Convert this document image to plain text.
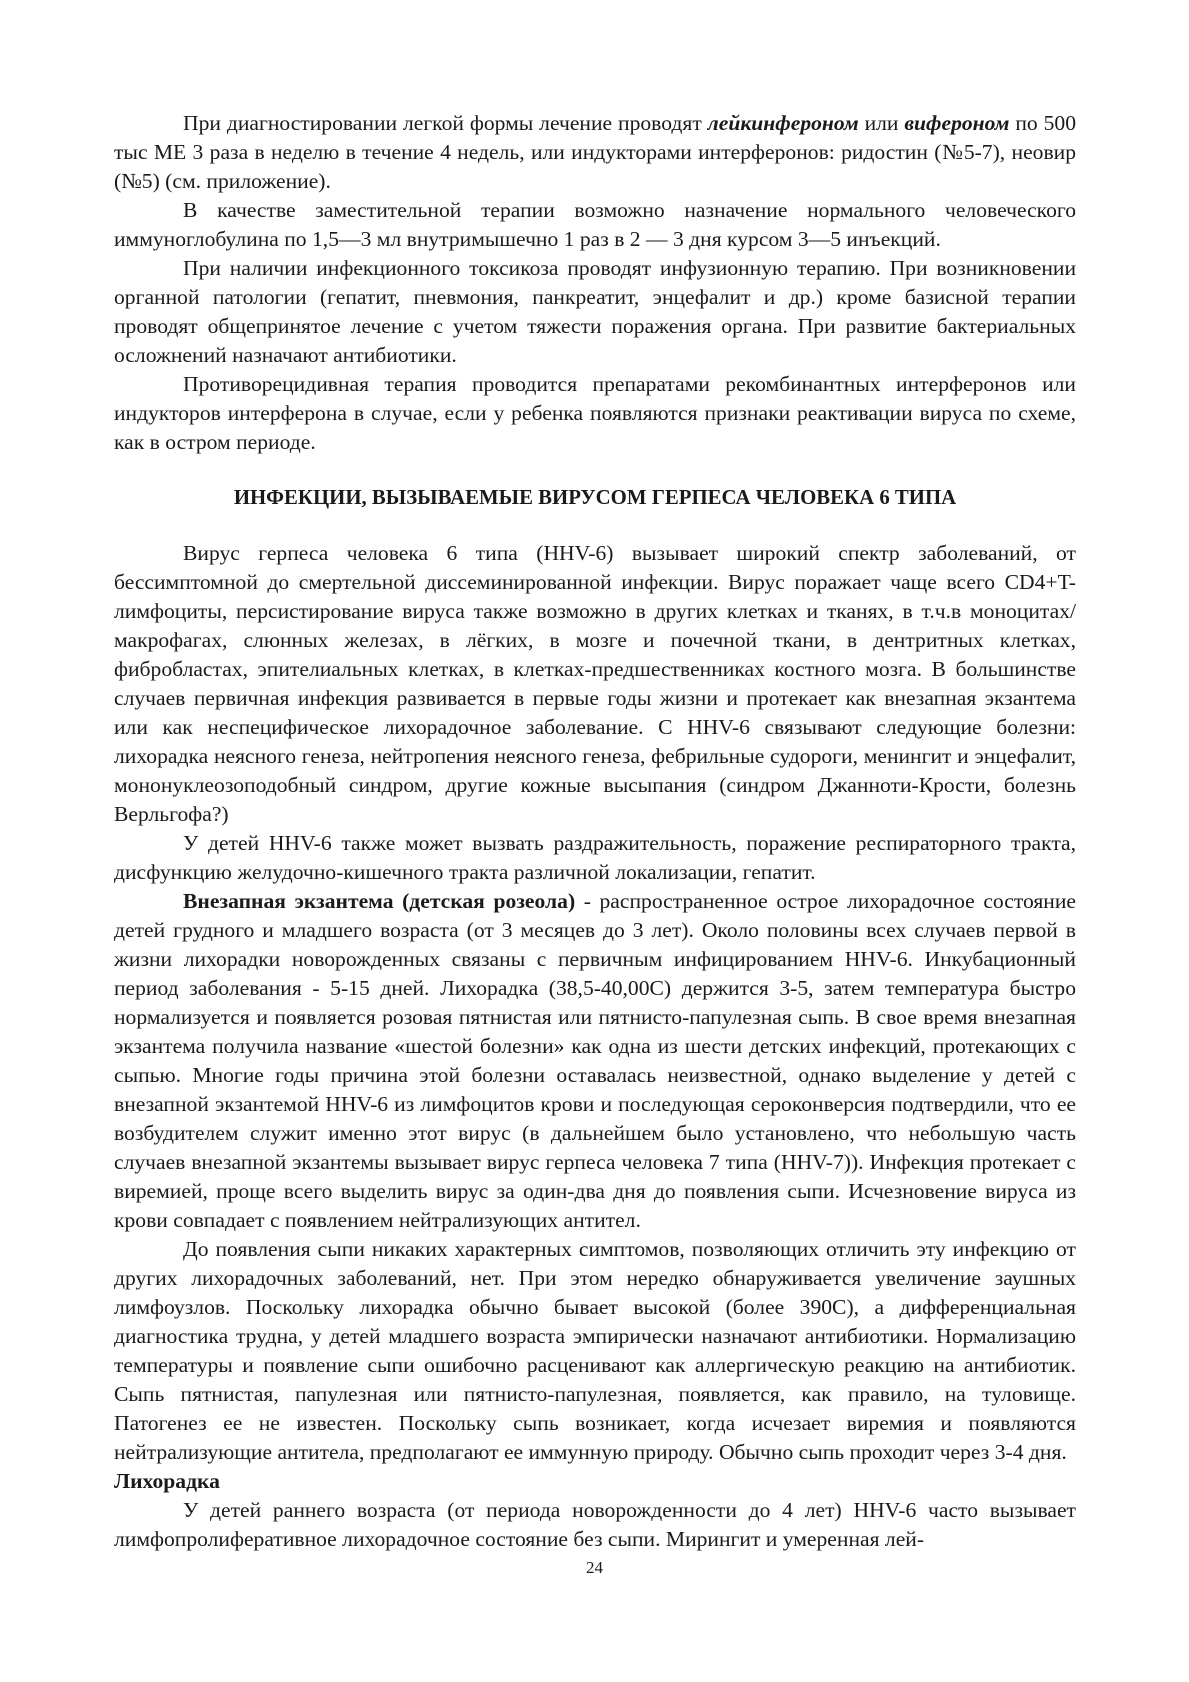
При диагностировании легкой формы лечение проводят лейкинфероном или вифероном по 500 тыс МЕ 3 раза в неделю в течение 4 недель, или индукторами интерферонов: ридостин (№5-7), неовир (№5) (см. приложение).

В качестве заместительной терапии возможно назначение нормального человеческого иммуноглобулина по 1,5—3 мл внутримышечно 1 раз в 2 — 3 дня курсом 3—5 инъекций.

При наличии инфекционного токсикоза проводят инфузионную терапию. При возникновении органной патологии (гепатит, пневмония, панкреатит, энцефалит и др.) кроме базисной терапии проводят общепринятое лечение с учетом тяжести поражения органа. При развитие бактериальных осложнений назначают антибиотики.

Противорецидивная терапия проводится препаратами рекомбинантных интерферонов или индукторов интерферона в случае, если у ребенка появляются признаки реактивации вируса по схеме, как в остром периоде.

ИНФЕКЦИИ, ВЫЗЫВАЕМЫЕ ВИРУСОМ ГЕРПЕСА ЧЕЛОВЕКА 6 ТИПА

Вирус герпеса человека 6 типа (HHV-6) вызывает широкий спектр заболеваний, от бессимптомной до смертельной диссеминированной инфекции. Вирус поражает чаще всего CD4+T-лимфоциты, персистирование вируса также возможно в других клетках и тканях, в т.ч.в моноцитах/макрофагах, слюнных железах, в лёгких, в мозге и почечной ткани, в дентритных клетках, фибробластах, эпителиальных клетках, в клетках-предшественниках костного мозга. В большинстве случаев первичная инфекция развивается в первые годы жизни и протекает как внезапная экзантема или как неспецифическое лихорадочное заболевание. С HHV-6 связывают следующие болезни: лихорадка неясного генеза, нейтропения неясного генеза, фебрильные судороги, менингит и энцефалит, мононуклеозоподобный синдром, другие кожные высыпания (синдром Джанноти-Крости, болезнь Верльгофа?)

У детей HHV-6 также может вызвать раздражительность, поражение респираторного тракта, дисфункцию желудочно-кишечного тракта различной локализации, гепатит.

Внезапная экзантема (детская розеола) - распространенное острое лихорадочное состояние детей грудного и младшего возраста (от 3 месяцев до 3 лет). Около половины всех случаев первой в жизни лихорадки новорожденных связаны с первичным инфицированием HHV-6. Инкубационный период заболевания - 5-15 дней. Лихорадка (38,5-40,00С) держится 3-5, затем температура быстро нормализуется и появляется розовая пятнистая или пятнисто-папулезная сыпь. В свое время внезапная экзантема получила название «шестой болезни» как одна из шести детских инфекций, протекающих с сыпью. Многие годы причина этой болезни оставалась неизвестной, однако выделение у детей с внезапной экзантемой HHV-6 из лимфоцитов крови и последующая сероконверсия подтвердили, что ее возбудителем служит именно этот вирус (в дальнейшем было установлено, что небольшую часть случаев внезапной экзантемы вызывает вирус герпеса человека 7 типа (HHV-7)). Инфекция протекает с виремией, проще всего выделить вирус за один-два дня до появления сыпи. Исчезновение вируса из крови совпадает с появлением нейтрализующих антител.

До появления сыпи никаких характерных симптомов, позволяющих отличить эту инфекцию от других лихорадочных заболеваний, нет. При этом нередко обнаруживается увеличение заушных лимфоузлов. Поскольку лихорадка обычно бывает высокой (более 390С), а дифференциальная диагностика трудна, у детей младшего возраста эмпирически назначают антибиотики. Нормализацию температуры и появление сыпи ошибочно расценивают как аллергическую реакцию на антибиотик. Сыпь пятнистая, папулезная или пятнисто-папулезная, появляется, как правило, на туловище. Патогенез ее не известен. Поскольку сыпь возникает, когда исчезает виремия и появляются нейтрализующие антитела, предполагают ее иммунную природу. Обычно сыпь проходит через 3-4 дня.

Лихорадка

У детей раннего возраста (от периода новорожденности до 4 лет) HHV-6 часто вызывает лимфопролиферативное лихорадочное состояние без сыпи. Мирингит и умеренная лей-

24
